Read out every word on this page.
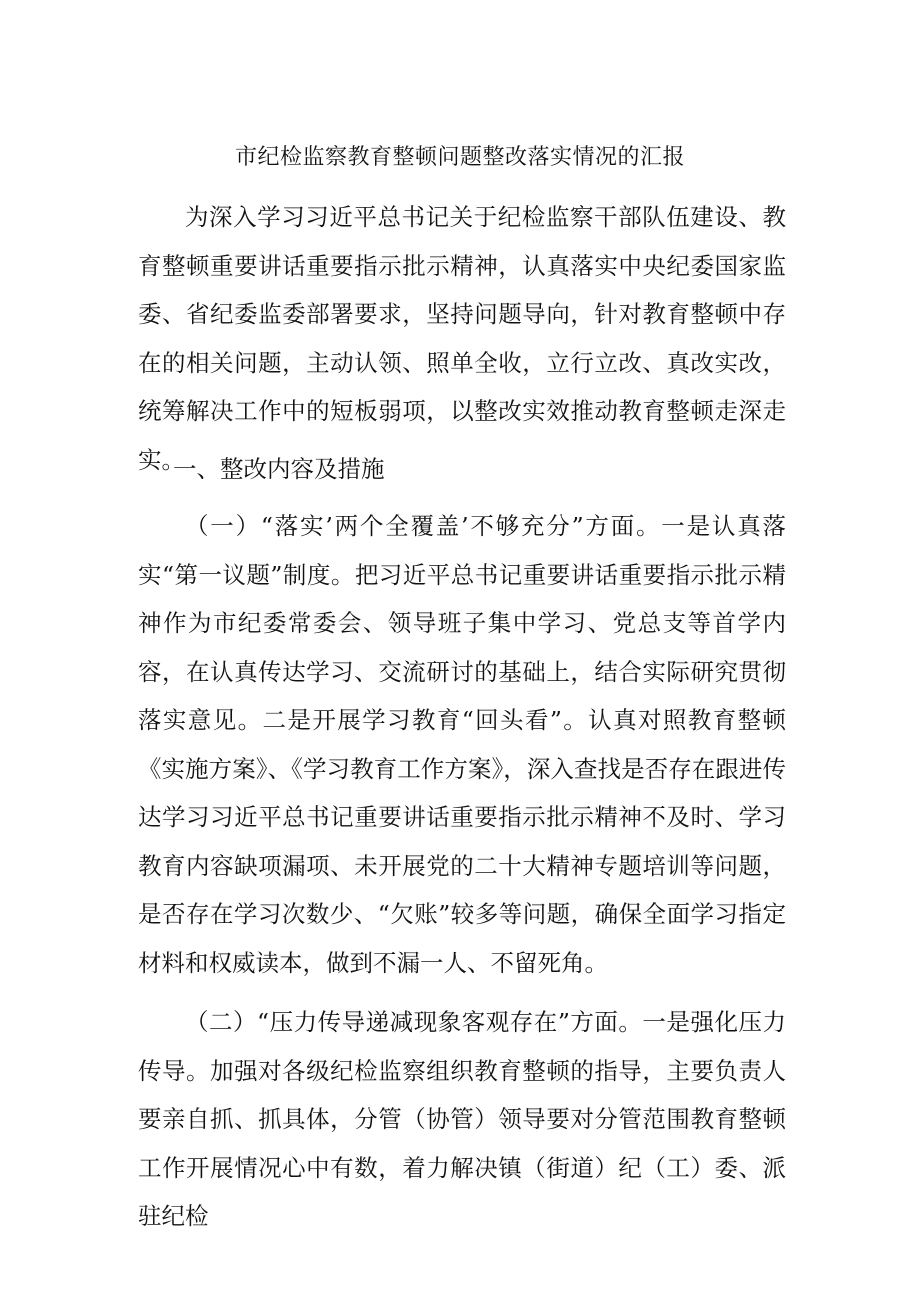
市纪检监察教育整顿问题整改落实情况的汇报

为深入学习习近平总书记关于纪检监察干部队伍建设、教育整顿重要讲话重要指示批示精神，认真落实中央纪委国家监委、省纪委监委部署要求，坚持问题导向，针对教育整顿中存在的相关问题，主动认领、照单全收，立行立改、真改实改，统筹解决工作中的短板弱项，以整改实效推动教育整顿走深走实。

一、整改内容及措施

（一）“落实’两个全覆盖’不够充分”方面。一是认真落实“第一议题”制度。把习近平总书记重要讲话重要指示批示精神作为市纪委常委会、领导班子集中学习、党总支等首学内容，在认真传达学习、交流研讨的基础上，结合实际研究贯彻落实意见。二是开展学习教育“回头看”。认真对照教育整顿《实施方案》、《学习教育工作方案》，深入查找是否存在跟进传达学习习近平总书记重要讲话重要指示批示精神不及时、学习教育内容缺项漏项、未开展党的二十大精神专题培训等问题，是否存在学习次数少、“欠账”较多等问题，确保全面学习指定材料和权威读本，做到不漏一人、不留死角。

（二）“压力传导递减现象客观存在”方面。一是强化压力传导。加强对各级纪检监察组织教育整顿的指导，主要负责人要亲自抓、抓具体，分管（协管）领导要对分管范围教育整顿工作开展情况心中有数，着力解决镇（街道）纪（工）委、派驻纪检
